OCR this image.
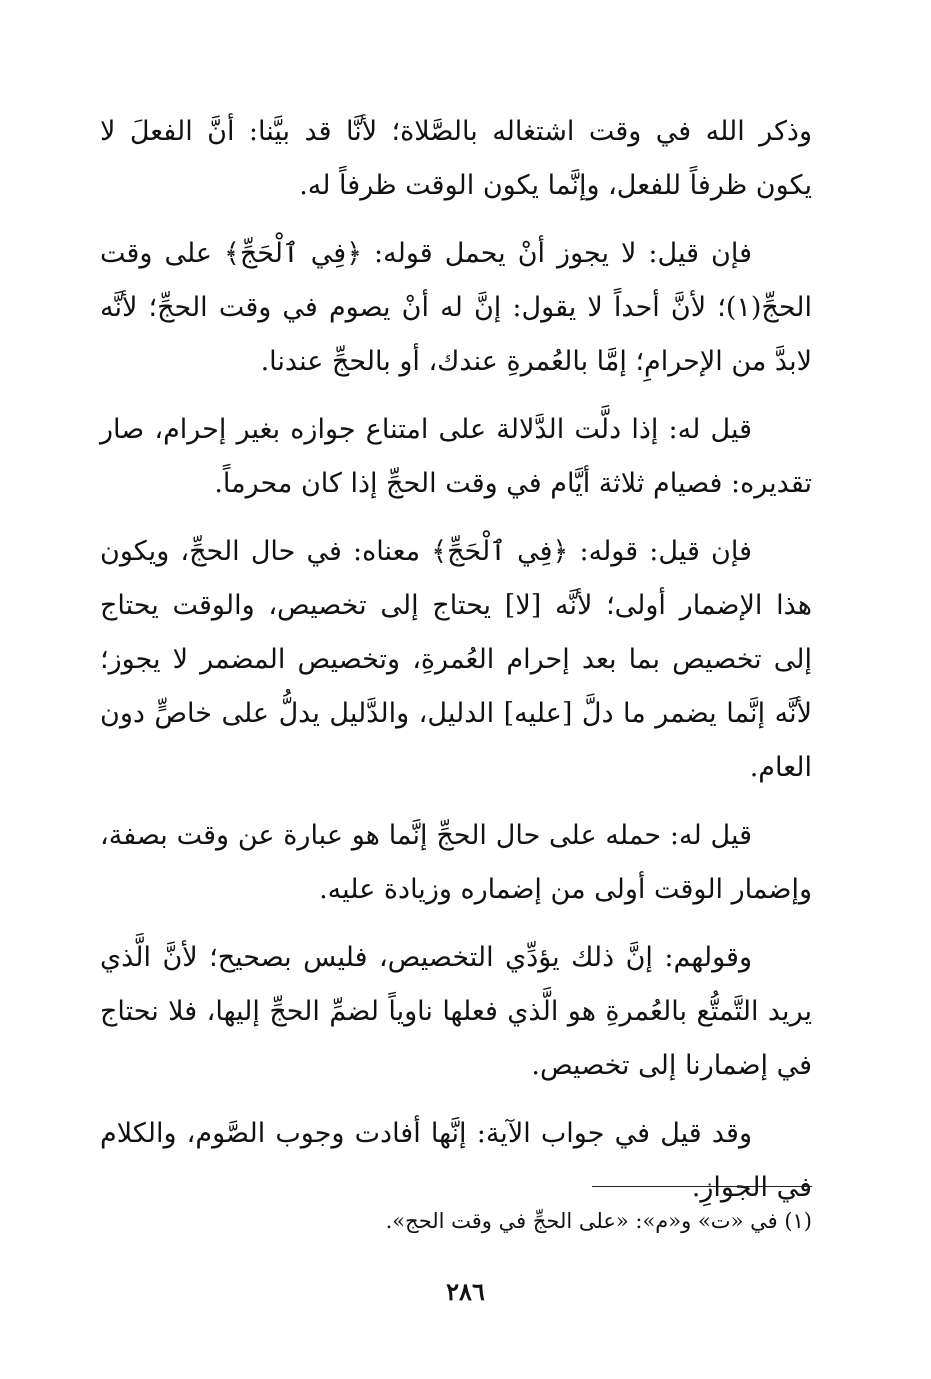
وذكر الله في وقت اشتغاله بالصَّلاة؛ لأنَّا قد بيَّنا: أنَّ الفعلَ لا يكون ظرفاً للفعل، وإنَّما يكون الوقت ظرفاً له.

فإن قيل: لا يجوز أنْ يحمل قوله: ﴿فِي ٱلْحَجِّ﴾ على وقت الحجِّ(١)؛ لأنَّ أحداً لا يقول: إنَّ له أنْ يصوم في وقت الحجِّ؛ لأنَّه لابدَّ من الإحرامِ؛ إمَّا بالعُمرةِ عندك، أو بالحجِّ عندنا.

قيل له: إذا دلَّت الدَّلالة على امتناع جوازه بغير إحرام، صار تقديره: فصيام ثلاثة أيَّام في وقت الحجِّ إذا كان محرماً.

فإن قيل: قوله: ﴿فِي ٱلْحَجِّ﴾ معناه: في حال الحجِّ، ويكون هذا الإضمار أولى؛ لأنَّه [لا] يحتاج إلى تخصيص، والوقت يحتاج إلى تخصيص بما بعد إحرام العُمرةِ، وتخصيص المضمر لا يجوز؛ لأنَّه إنَّما يضمر ما دلَّ [عليه] الدليل، والدَّليل يدلُّ على خاصٍّ دون العام.

قيل له: حمله على حال الحجِّ إنَّما هو عبارة عن وقت بصفة، وإضمار الوقت أولى من إضماره وزيادة عليه.

وقولهم: إنَّ ذلك يؤدِّي التخصيص، فليس بصحيح؛ لأنَّ الَّذي يريد التَّمتُّع بالعُمرةِ هو الَّذي فعلها ناوياً لضمِّ الحجِّ إليها، فلا نحتاج في إضمارنا إلى تخصيص.

وقد قيل في جواب الآية: إنَّها أفادت وجوب الصَّوم، والكلام في الجوازِ.

(١) في «ت» و«م»: «على الحجِّ في وقت الحج».
٢٨٦
